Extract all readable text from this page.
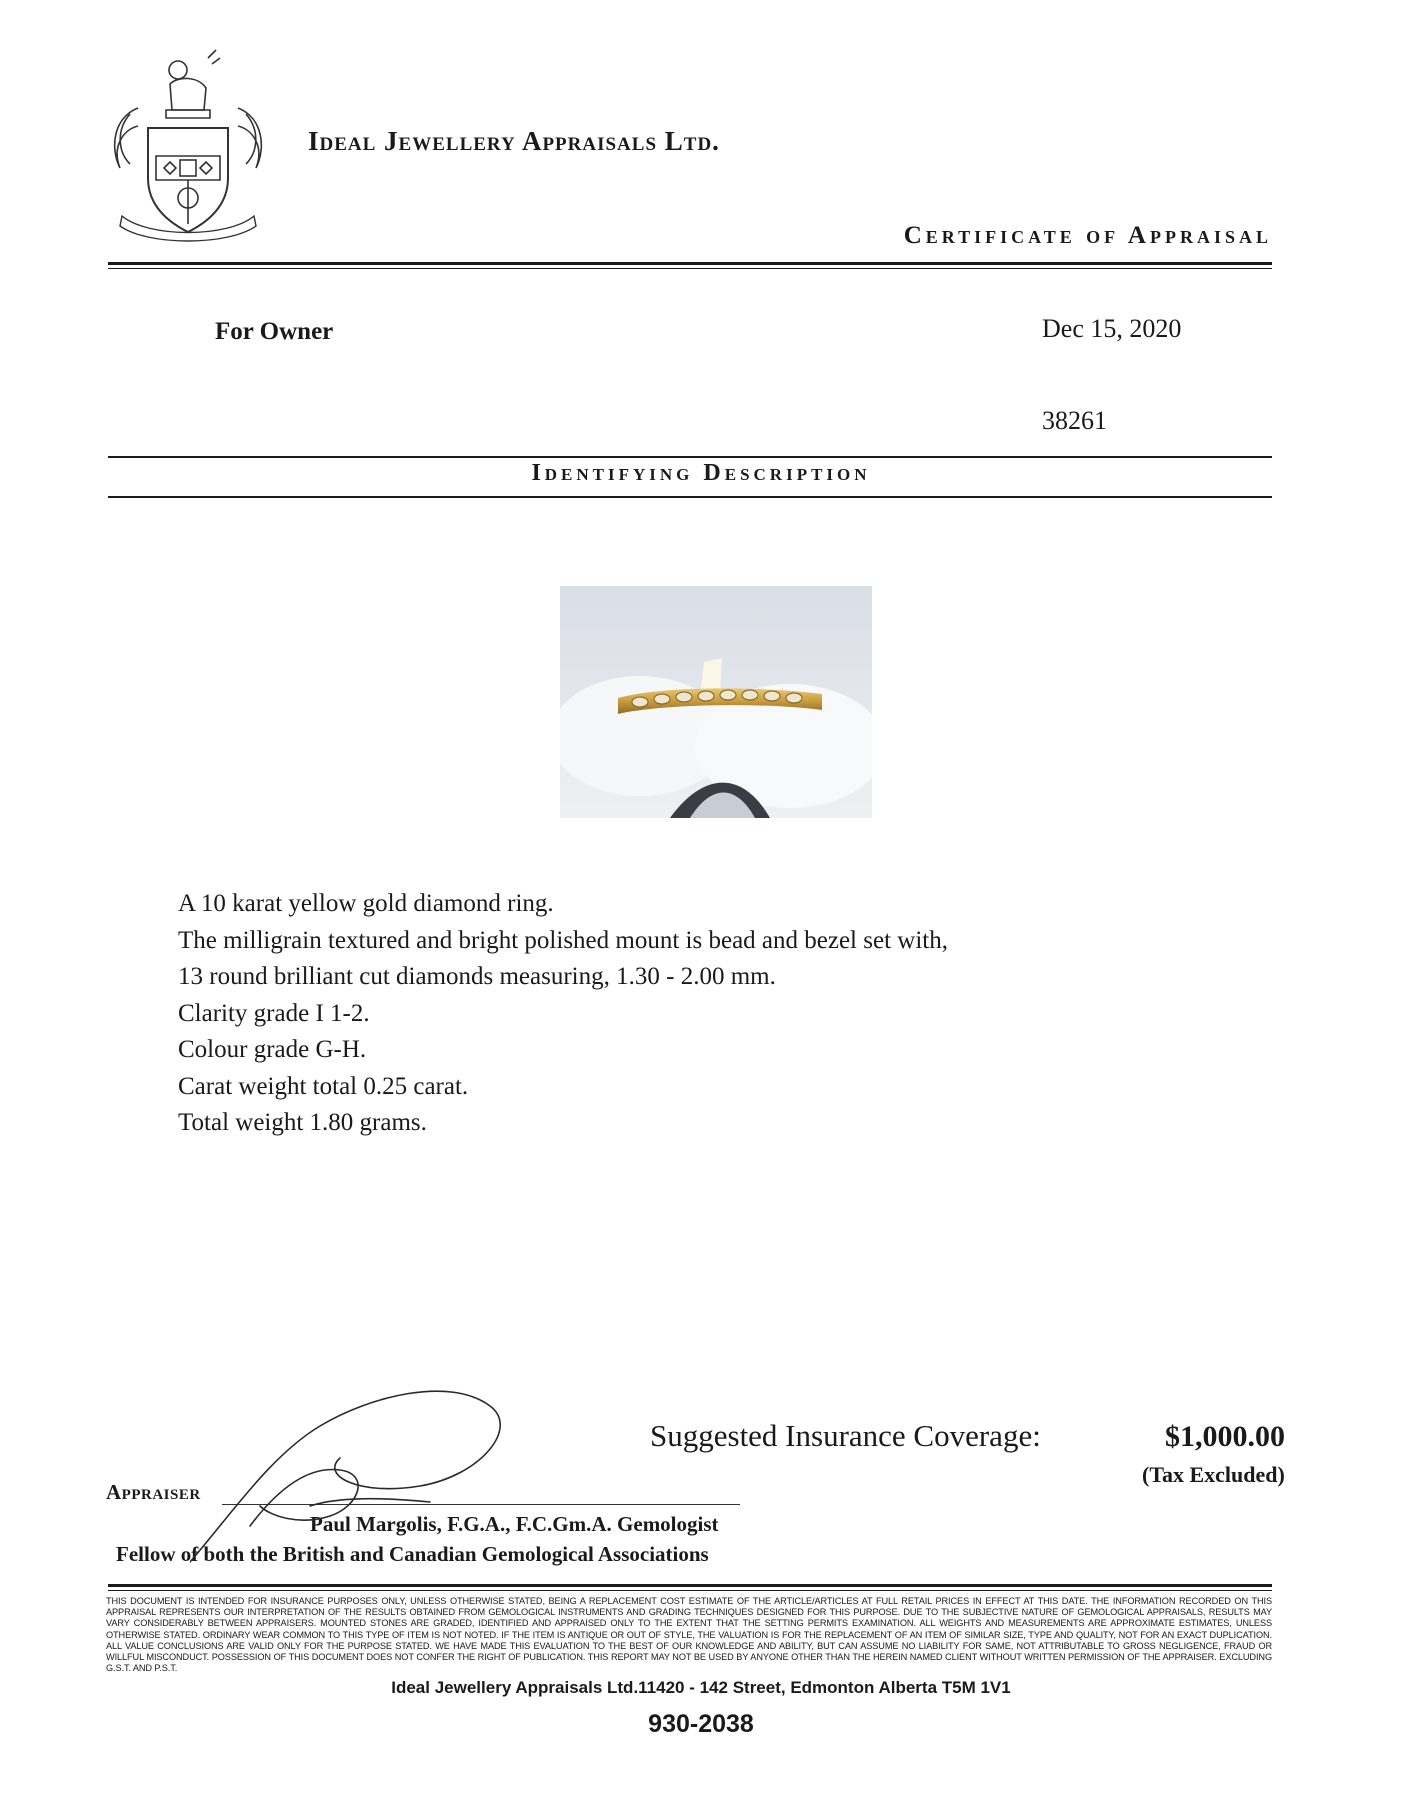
Ideal Jewellery Appraisals Ltd.
Certificate of Appraisal
For Owner	Dec 15, 2020
38261
Identifying Description
A 10 karat yellow gold diamond ring.
The milligrain textured and bright polished mount is bead and bezel set with,
13 round brilliant cut diamonds measuring, 1.30 - 2.00 mm.
Clarity grade I 1-2.
Colour grade G-H.
Carat weight total 0.25 carat.
Total weight 1.80 grams.
Suggested Insurance Coverage:	$1,000.00
(Tax Excluded)
Appraiser
Paul Margolis, F.G.A., F.C.Gm.A. Gemologist
Fellow of both the British and Canadian Gemological Associations
THIS DOCUMENT IS INTENDED FOR INSURANCE PURPOSES ONLY, UNLESS OTHERWISE STATED, BEING A REPLACEMENT COST ESTIMATE OF THE ARTICLE/ARTICLES AT FULL RETAIL PRICES IN EFFECT AT THIS DATE. THE INFORMATION RECORDED ON THIS APPRAISAL REPRESENTS OUR INTERPRETATION OF THE RESULTS OBTAINED FROM GEMOLOGICAL INSTRUMENTS AND GRADING TECHNIQUES DESIGNED FOR THIS PURPOSE. DUE TO THE SUBJECTIVE NATURE OF GEMOLOGICAL APPRAISALS, RESULTS MAY VARY CONSIDERABLY BETWEEN APPRAISERS. MOUNTED STONES ARE GRADED, IDENTIFIED AND APPRAISED ONLY TO THE EXTENT THAT THE SETTING PERMITS EXAMINATION. ALL WEIGHTS AND MEASUREMENTS ARE APPROXIMATE ESTIMATES, UNLESS OTHERWISE STATED. ORDINARY WEAR COMMON TO THIS TYPE OF ITEM IS NOT NOTED. IF THE ITEM IS ANTIQUE OR OUT OF STYLE, THE VALUATION IS FOR THE REPLACEMENT OF AN ITEM OF SIMILAR SIZE, TYPE AND QUALITY, NOT FOR AN EXACT DUPLICATION. ALL VALUE CONCLUSIONS ARE VALID ONLY FOR THE PURPOSE STATED. WE HAVE MADE THIS EVALUATION TO THE BEST OF OUR KNOWLEDGE AND ABILITY, BUT CAN ASSUME NO LIABILITY FOR SAME, NOT ATTRIBUTABLE TO GROSS NEGLIGENCE, FRAUD OR WILLFUL MISCONDUCT. POSSESSION OF THIS DOCUMENT DOES NOT CONFER THE RIGHT OF PUBLICATION. THIS REPORT MAY NOT BE USED BY ANYONE OTHER THAN THE HEREIN NAMED CLIENT WITHOUT WRITTEN PERMISSION OF THE APPRAISER. EXCLUDING G.S.T. AND P.S.T.
Ideal Jewellery Appraisals Ltd.11420 - 142 Street, Edmonton Alberta T5M 1V1
930-2038
